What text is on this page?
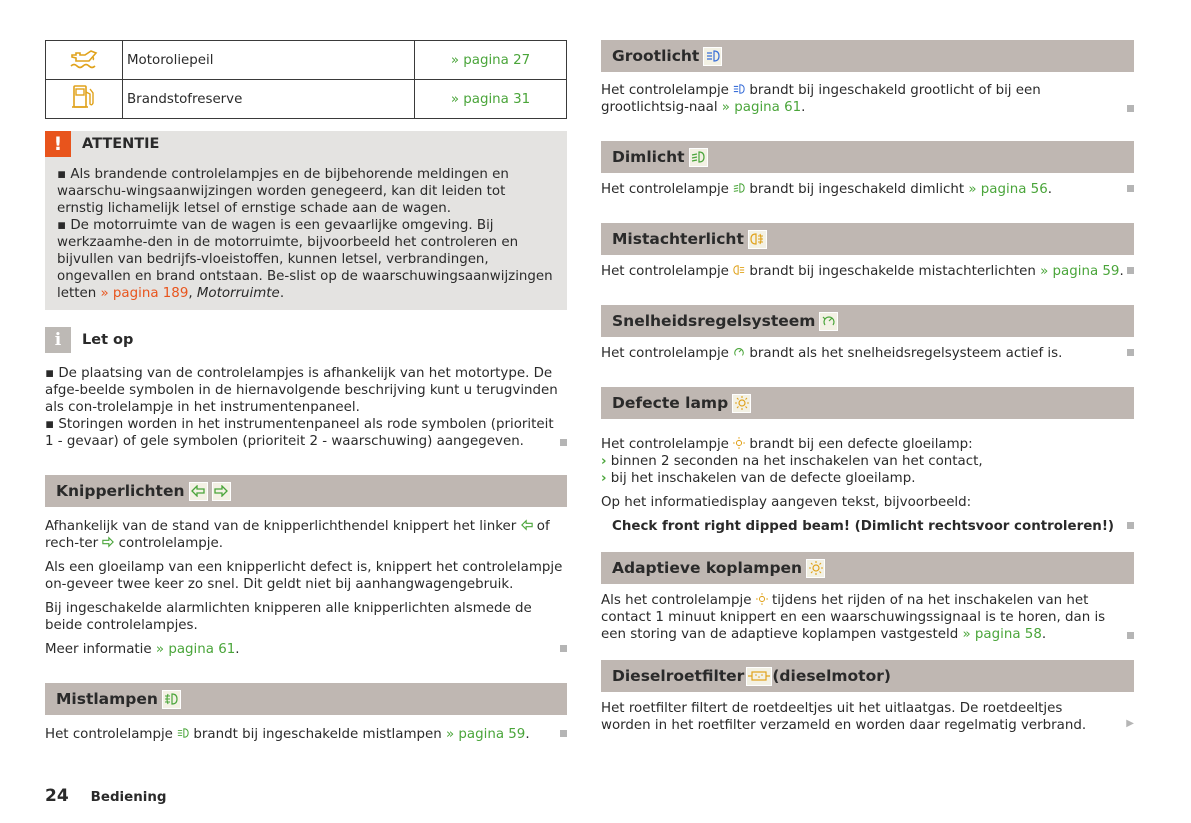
	Motoroliepeil	» pagina 27
	Brandstofreserve	» pagina 31
!	ATTENTIE
▪ Als brandende controlelampjes en de bijbehorende meldingen en waarschu-wingsaanwijzingen worden genegeerd, kan dit leiden tot ernstig lichamelijk letsel of ernstige schade aan de wagen.
▪ De motorruimte van de wagen is een gevaarlijke omgeving. Bij werkzaamhe-den in de motorruimte, bijvoorbeeld het controleren en bijvullen van bedrijfs-vloeistoffen, kunnen letsel, verbrandingen, ongevallen en brand ontstaan. Be-slist op de waarschuwingsaanwijzingen letten » pagina 189, Motorruimte.
i	Let op
▪ De plaatsing van de controlelampjes is afhankelijk van het motortype. De afge-beelde symbolen in de hiernavolgende beschrijving kunt u terugvinden als con-trolelampje in het instrumentenpaneel.
▪ Storingen worden in het instrumentenpaneel als rode symbolen (prioriteit 1 - gevaar) of gele symbolen (prioriteit 2 - waarschuwing) aangegeven.
Knipperlichten
Afhankelijk van de stand van de knipperlichthendel knippert het linker  of rech-ter  controlelampje.
Als een gloeilamp van een knipperlicht defect is, knippert het controlelampje on-geveer twee keer zo snel. Dit geldt niet bij aanhangwagengebruik.
Bij ingeschakelde alarmlichten knipperen alle knipperlichten alsmede de beide controlelampjes.
Meer informatie » pagina 61.
Mistlampen
Het controlelampje  brandt bij ingeschakelde mistlampen » pagina 59.
Grootlicht
Het controlelampje  brandt bij ingeschakeld grootlicht of bij een grootlichtsig-naal » pagina 61.
Dimlicht
Het controlelampje  brandt bij ingeschakeld dimlicht » pagina 56.
Mistachterlicht
Het controlelampje  brandt bij ingeschakelde mistachterlichten » pagina 59.
Snelheidsregelsysteem
Het controlelampje  brandt als het snelheidsregelsysteem actief is.
Defecte lamp
Het controlelampje  brandt bij een defecte gloeilamp:
› binnen 2 seconden na het inschakelen van het contact,
› bij het inschakelen van de defecte gloeilamp.
Op het informatiedisplay aangeven tekst, bijvoorbeeld:
Check front right dipped beam! (Dimlicht rechtsvoor controleren!)
Adaptieve koplampen
Als het controlelampje  tijdens het rijden of na het inschakelen van het contact 1 minuut knippert en een waarschuwingssignaal is te horen, dan is een storing van de adaptieve koplampen vastgesteld » pagina 58.
Dieselroetfilter (dieselmotor)
Het roetfilter filtert de roetdeeltjes uit het uitlaatgas. De roetdeeltjes worden in het roetfilter verzameld en worden daar regelmatig verbrand.	▶
24 Bediening
